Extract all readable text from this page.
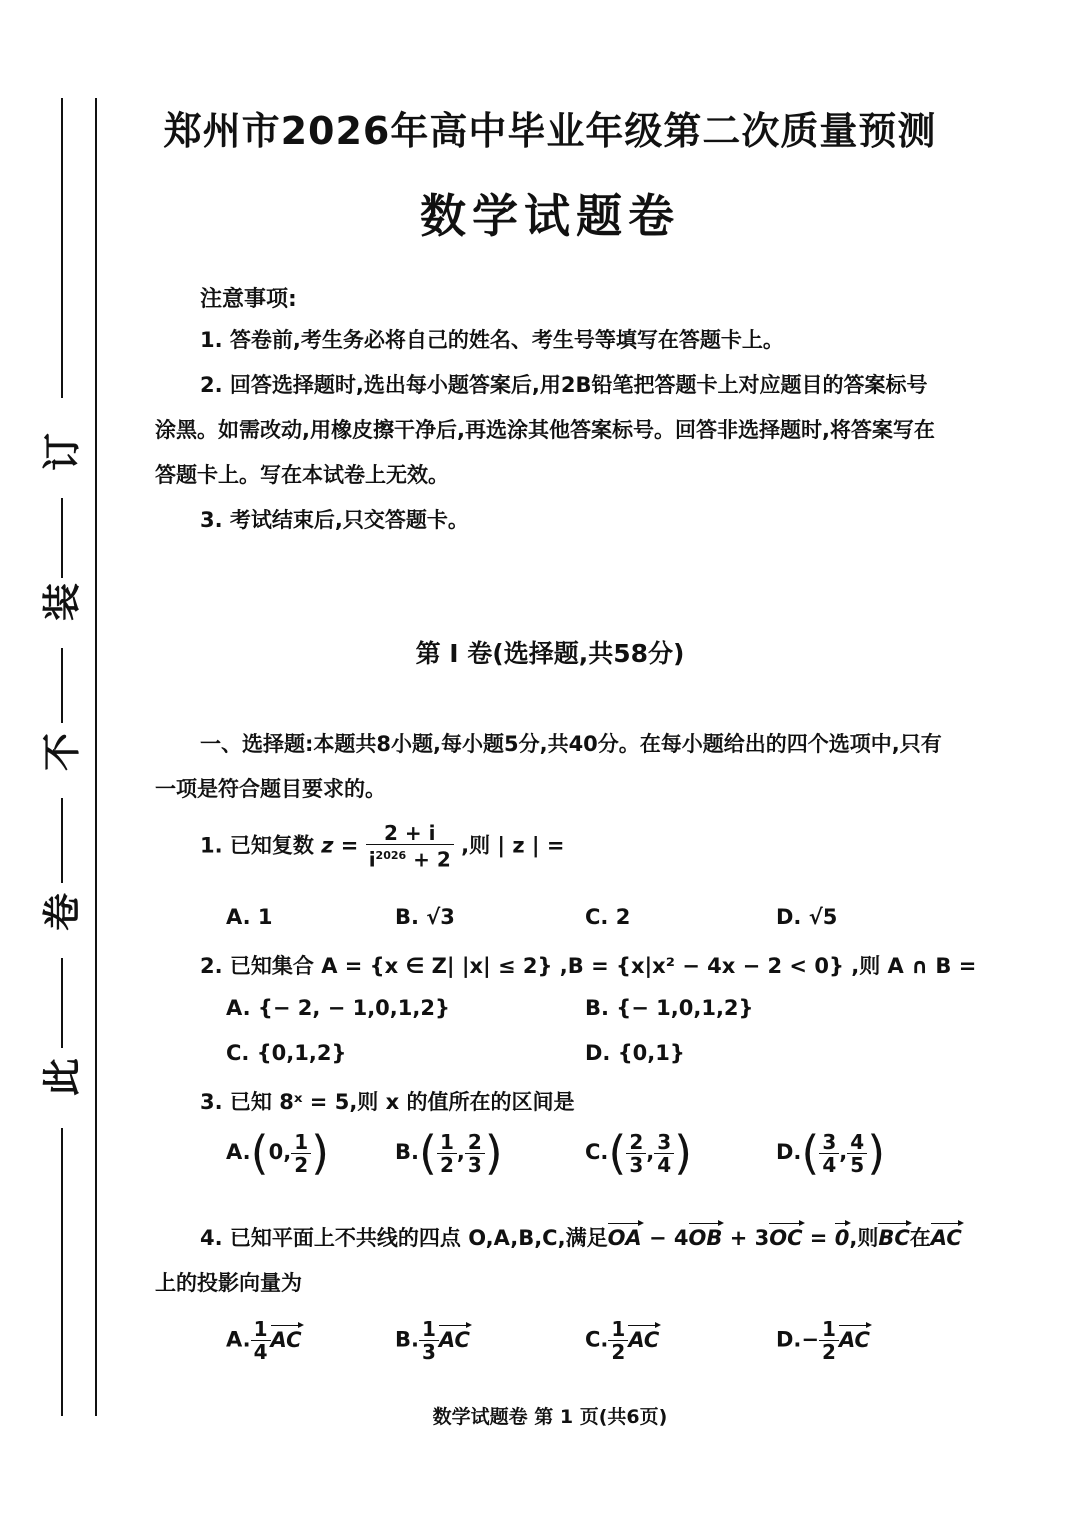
订
装
不
卷
此
郑州市2026年高中毕业年级第二次质量预测
数学试题卷
注意事项:
1. 答卷前,考生务必将自己的姓名、考生号等填写在答题卡上。
2. 回答选择题时,选出每小题答案后,用2B铅笔把答题卡上对应题目的答案标号涂黑。如需改动,用橡皮擦干净后,再选涂其他答案标号。回答非选择题时,将答案写在答题卡上。写在本试卷上无效。
3. 考试结束后,只交答题卡。
第 Ⅰ 卷(选择题,共58分)
一、选择题:本题共8小题,每小题5分,共40分。在每小题给出的四个选项中,只有一项是符合题目要求的。
1. 已知复数 $z = \frac{2 + i}{i^{2026} + 2}$ ,则 | z | =
A. 1	B. √3	C. 2	D. √5
2. 已知集合 A = {x ∈ Z| |x| ≤ 2} ,B = {x|x² − 4x − 2 < 0} ,则 A ∩ B =
A. {− 2, − 1,0,1,2}	B. {− 1,0,1,2}
C. {0,1,2}	D. {0,1}
3. 已知 8ˣ = 5,则 x 的值所在的区间是
A.(0, $\frac{1}{2}$ )	$B.( \frac{1}{2}$ , $\frac{2}{3}$ )	$C.( \frac{2}{3}$ , $\frac{3}{4}$ )	$D.( \frac{3}{4}$ , $\frac{4}{5}$ )
4. 已知平面上不共线的四点 O,A,B,C,满足OA − 4OB + 3OC = 0,则BC在AC
上的投影向量为
A. $\frac{1}{4}$ AC	B. $\frac{1}{3}$ AC	C. $\frac{1}{2}$ AC	$D.- \frac{1}{2}$ AC
数学试题卷 第 1 页(共6页)
